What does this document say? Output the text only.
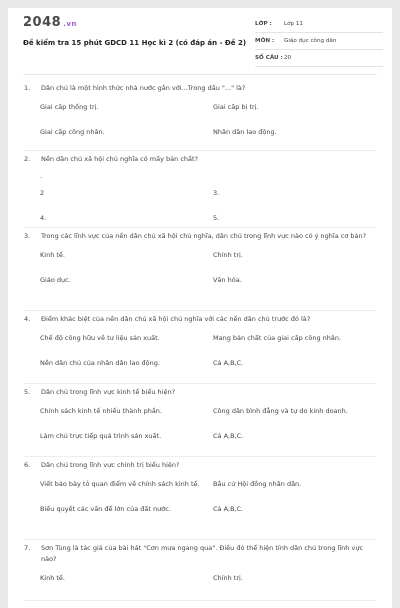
2048 .vn
Đề kiểm tra 15 phút GDCD 11 Học kì 2 (có đáp án - Đề 2)
LỚP :	Lớp 11
MÔN :	Giáo dục công dân
SỐ CÂU : 20
1.	Dân chủ là một hình thức nhà nước gắn với...Trong dấu "..." là?
Giai cấp thống trị.	Giai cấp bị trị.
Giai cấp công nhân.	Nhân dân lao động.
2.	Nền dân chủ xã hội chủ nghĩa có mấy bản chất?
.
2	3.
4.	5.
3.	Trong các lĩnh vực của nền dân chủ xã hội chủ nghĩa, dân chủ trong lĩnh vực nào có ý nghĩa cơ bản?
Kinh tế.	Chính trị.
Giáo dục.	Văn hóa.
4.	Điểm khác biệt của nền dân chủ xã hội chủ nghĩa với các nền dân chủ trước đó là?
Chế độ công hữu về tư liệu sản xuất.	Mang bản chất của giai cấp công nhân.
Nền dân chủ của nhân dân lao động.	Cả A,B,C.
5.	Dân chủ trong lĩnh vực kinh tế biểu hiện?
Chính sách kinh tế nhiều thành phần.	Công dân bình đẳng và tự do kinh doanh.
Làm chủ trực tiếp quá trình sản xuất.	Cả A,B,C.
6.	Dân chủ trong lĩnh vực chính trị biểu hiện?
Viết báo bày tỏ quan điểm về chính sách kinh tế.	Bầu cử Hội đồng nhân dân.
Biểu quyết các vấn đề lớn của đất nước.	Cả A,B,C.
7.	Sơn Tùng là tác giả của bài hát "Cơn mưa ngang qua". Điều đó thể hiện tính dân chủ trong lĩnh vực nào?
Kinh tế.	Chính trị.
